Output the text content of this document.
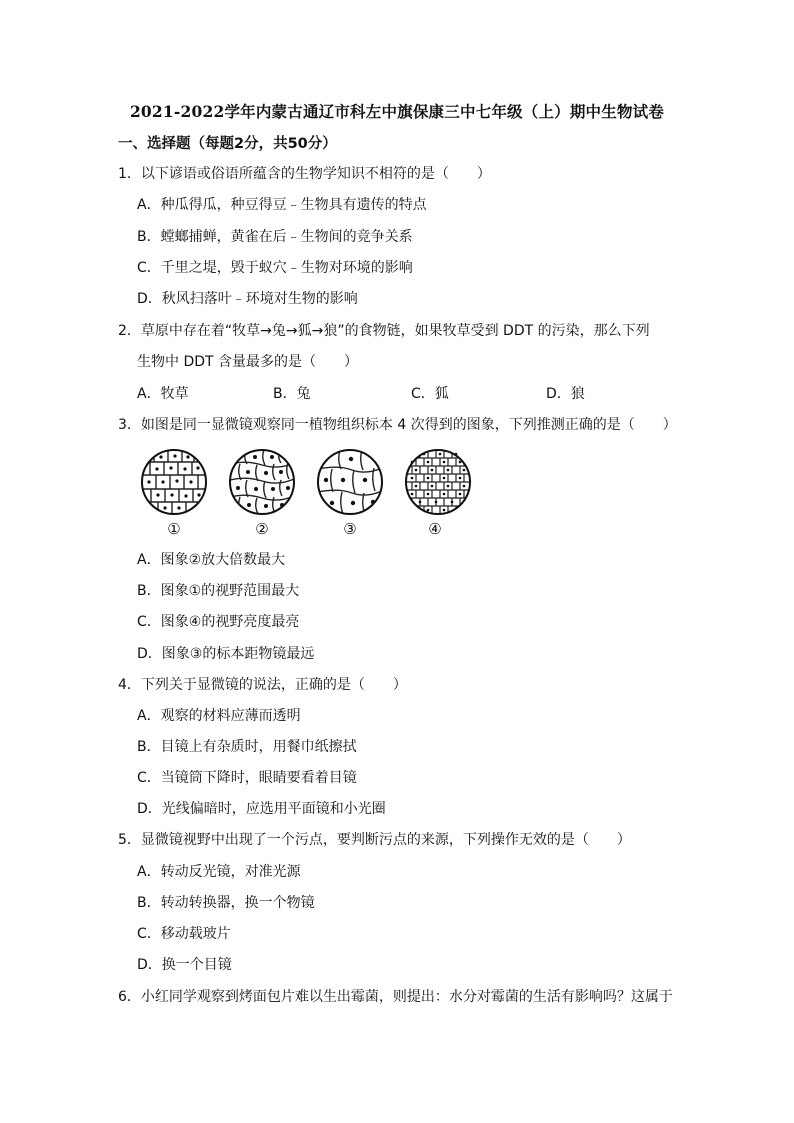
2021-2022学年内蒙古通辽市科左中旗保康三中七年级（上）期中生物试卷
一、选择题（每题2分，共50分）
1．以下谚语或俗语所蕴含的生物学知识不相符的是（　　）
A．种瓜得瓜，种豆得豆﹣生物具有遗传的特点
B．螳螂捕蝉，黄雀在后﹣生物间的竞争关系
C．千里之堤，毁于蚁穴﹣生物对环境的影响
D．秋风扫落叶﹣环境对生物的影响
2．草原中存在着“牧草→兔→狐→狼”的食物链，如果牧草受到 DDT 的污染，那么下列
生物中 DDT 含量最多的是（　　）
A．牧草	B．兔	C．狐	D．狼
3．如图是同一显微镜观察同一植物组织标本 4 次得到的图象，下列推测正确的是（　　）
①	②	③	④
A．图象②放大倍数最大
B．图象①的视野范围最大
C．图象④的视野亮度最亮
D．图象③的标本距物镜最远
4．下列关于显微镜的说法，正确的是（　　）
A．观察的材料应薄而透明
B．目镜上有杂质时，用餐巾纸擦拭
C．当镜筒下降时，眼睛要看着目镜
D．光线偏暗时，应选用平面镜和小光圈
5．显微镜视野中出现了一个污点，要判断污点的来源，下列操作无效的是（　　）
A．转动反光镜，对准光源
B．转动转换器，换一个物镜
C．移动载玻片
D．换一个目镜
6．小红同学观察到烤面包片难以生出霉菌，则提出：水分对霉菌的生活有影响吗？这属于
